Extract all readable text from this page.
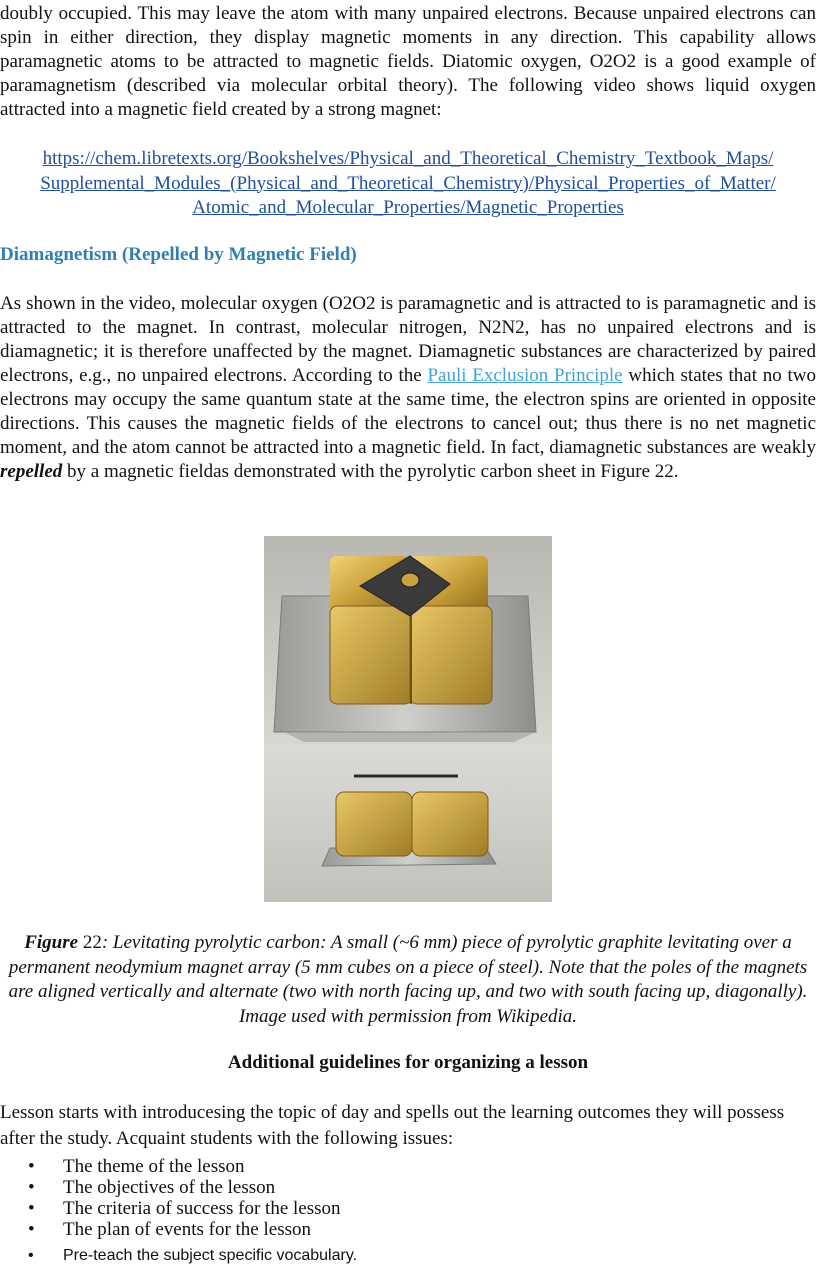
doubly occupied. This may leave the atom with many unpaired electrons. Because unpaired electrons can spin in either direction, they display magnetic moments in any direction. This capability allows paramagnetic atoms to be attracted to magnetic fields. Diatomic oxygen, O2O2 is a good example of paramagnetism (described via molecular orbital theory). The following video shows liquid oxygen attracted into a magnetic field created by a strong magnet:

https://chem.libretexts.org/Bookshelves/Physical_and_Theoretical_Chemistry_Textbook_Maps/
Supplemental_Modules_(Physical_and_Theoretical_Chemistry)/Physical_Properties_of_Matter/
Atomic_and_Molecular_Properties/Magnetic_Properties
Diamagnetism (Repelled by Magnetic Field)

As shown in the video, molecular oxygen (O2O2 is paramagnetic and is attracted to is paramagnetic and is attracted to the magnet. In contrast, molecular nitrogen, N2N2, has no unpaired electrons and is diamagnetic; it is therefore unaffected by the magnet. Diamagnetic substances are characterized by paired electrons, e.g., no unpaired electrons. According to the Pauli Exclusion Principle which states that no two electrons may occupy the same quantum state at the same time, the electron spins are oriented in opposite directions. This causes the magnetic fields of the electrons to cancel out; thus there is no net magnetic moment, and the atom cannot be attracted into a magnetic field. In fact, diamagnetic substances are weakly repelled by a magnetic fieldas demonstrated with the pyrolytic carbon sheet in Figure 22.

Figure 22: Levitating pyrolytic carbon: A small (~6 mm) piece of pyrolytic graphite levitating over a permanent neodymium magnet array (5 mm cubes on a piece of steel). Note that the poles of the magnets are aligned vertically and alternate (two with north facing up, and two with south facing up, diagonally). Image used with permission from Wikipedia.

Additional guidelines for organizing a lesson

Lesson starts with introducesing the topic of day and spells out the learning outcomes they will possess after the study. Acquaint students with the following issues:

• The theme of the lesson
• The objectives of the lesson
• The criteria of success for the lesson
• The plan of events for the lesson
• Pre-teach the subject specific vocabulary.
